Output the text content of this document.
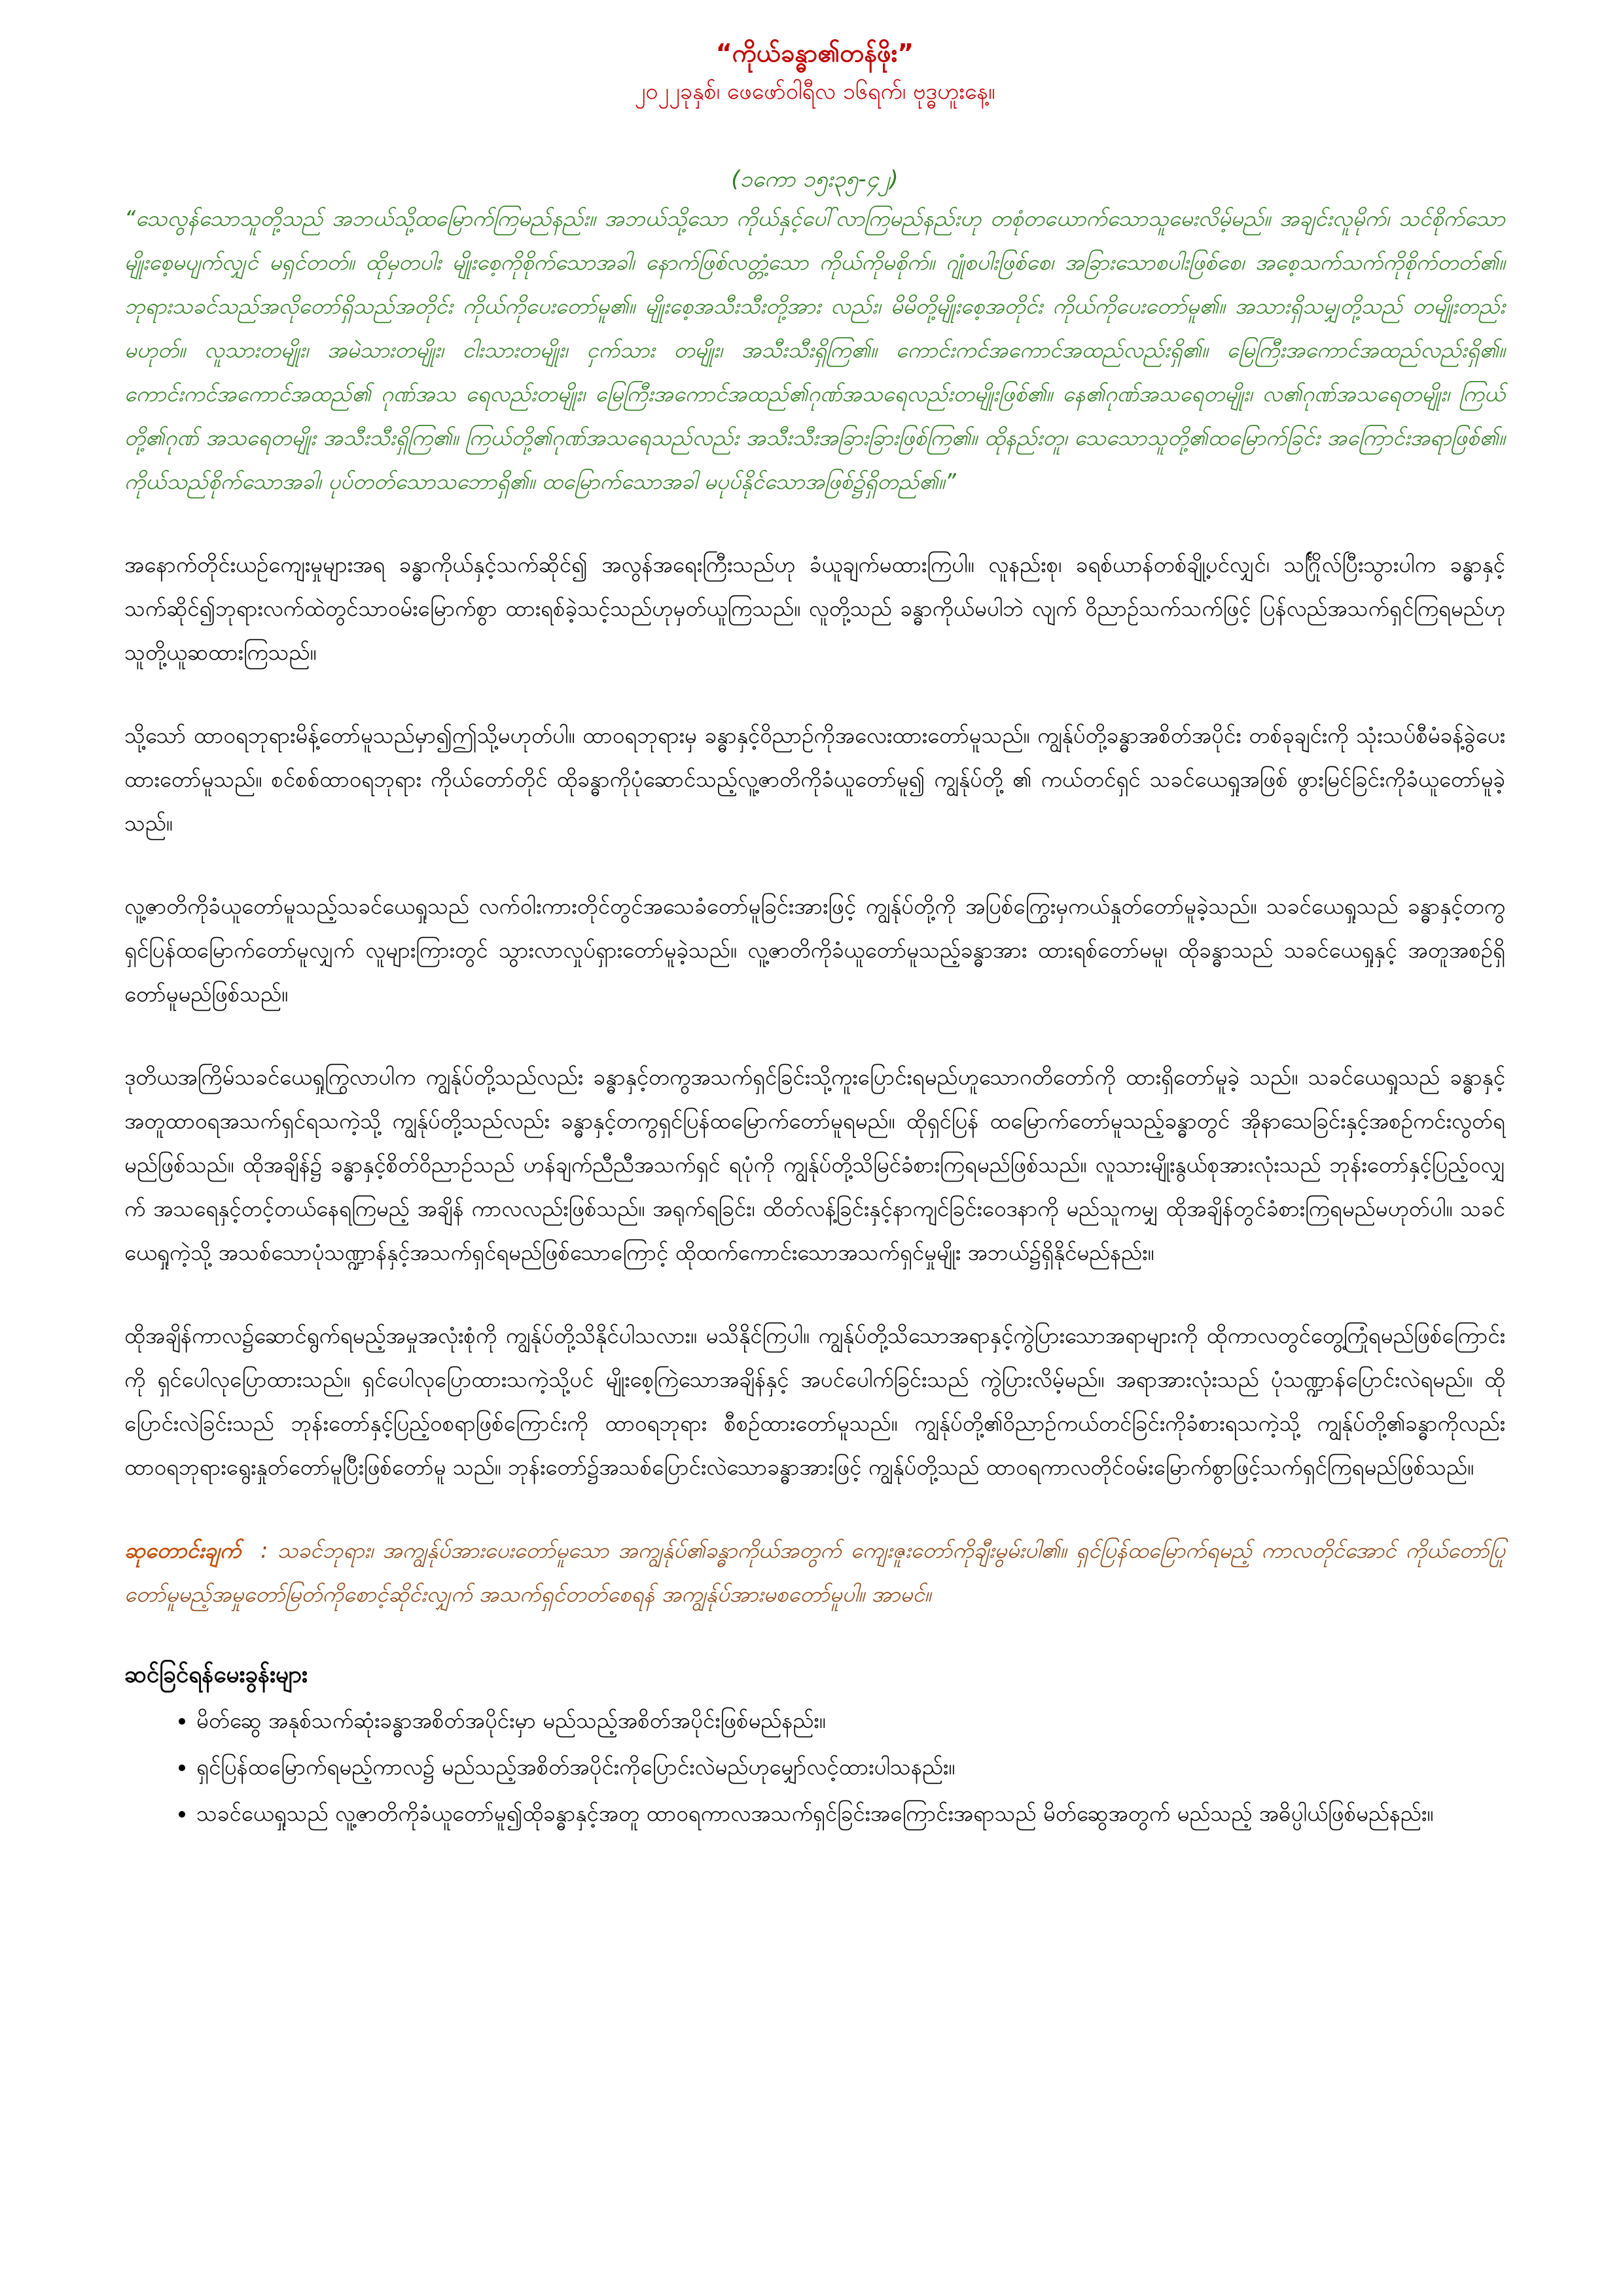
“ကိုယ်ခန္ဓာ၏တန်ဖိုး”

၂၀၂၂ခုနှစ်၊ ဖေဖော်ဝါရီလ ၁၆ရက်၊ ဗုဒ္ဓဟူးနေ့။

(၁ကော ၁၅း၃၅-၄၂)

“သေလွန်သောသူတို့သည် အဘယ်သို့ထမြောက်ကြမည်နည်း။ အဘယ်သို့သော ကိုယ်နှင့်ပေါ်လာကြမည်နည်းဟု တစုံတယောက်သောသူမေးလိမ့်မည်။ အချင်းလူမိုက်၊ သင်စိုက်သောမျိုးစေ့မပျက်လျှင် မရှင်တတ်။ ထိုမှတပါး မျိုးစေ့ကိုစိုက်သောအခါ၊ နောက်ဖြစ်လတ္တံ့သော ကိုယ်ကိုမစိုက်။ ဂျုံစပါးဖြစ်စေ၊ အခြားသောစပါးဖြစ်စေ၊ အစေ့သက်သက်ကိုစိုက်တတ်၏။ ဘုရားသခင်သည်အလိုတော်ရှိသည်အတိုင်း ကိုယ်ကိုပေးတော်မူ၏။ မျိုးစေ့အသီးသီးတို့အား လည်း၊ မိမိတို့မျိုးစေ့အတိုင်း ကိုယ်ကိုပေးတော်မူ၏။ အသားရှိသမျှတို့သည် တမျိုးတည်းမဟုတ်။ လူသားတမျိုး၊ အမဲသားတမျိုး၊ ငါးသားတမျိုး၊ ငှက်သား တမျိုး၊ အသီးသီးရှိကြ၏။ ကောင်းကင်အကောင်အထည်လည်းရှိ၏။ မြေကြီးအကောင်အထည်လည်းရှိ၏။ ကောင်းကင်အကောင်အထည်၏ ဂုဏ်အသ ရေလည်းတမျိုး၊ မြေကြီးအကောင်အထည်၏ဂုဏ်အသရေလည်းတမျိုးဖြစ်၏။ နေ၏ဂုဏ်အသရေတမျိုး၊ လ၏ဂုဏ်အသရေတမျိုး၊ ကြယ်တို့၏ဂုဏ် အသရေတမျိုး အသီးသီးရှိကြ၏။ ကြယ်တို့၏ဂုဏ်အသရေသည်လည်း အသီးသီးအခြားခြားဖြစ်ကြ၏။ ထိုနည်းတူ၊ သေသောသူတို့၏ထမြောက်ခြင်း အကြောင်းအရာဖြစ်၏။ ကိုယ်သည်စိုက်သောအခါ၊ ပုပ်တတ်သောသဘောရှိ၏။ ထမြောက်သောအခါ မပုပ်နိုင်သောအဖြစ်၌ရှိတည်၏။”

အနောက်တိုင်းယဉ်ကျေးမှုများအရ ခန္ဓာကိုယ်နှင့်သက်ဆိုင်၍ အလွန်အရေးကြီးသည်ဟု ခံယူချက်မထားကြပါ။ လူနည်းစု၊ ခရစ်ယာန်တစ်ချို့ပင်လျှင်၊ သင်္ဂြိုလ်ပြီးသွားပါက ခန္ဓာနှင့်သက်ဆိုင်၍ဘုရားလက်ထဲတွင်သာဝမ်းမြောက်စွာ ထားရစ်ခဲ့သင့်သည်ဟုမှတ်ယူကြသည်။ လူတို့သည် ခန္ဓာကိုယ်မပါဘဲ လျက် ဝိညာဉ်သက်သက်ဖြင့် ပြန်လည်အသက်ရှင်ကြရမည်ဟု သူတို့ယူဆထားကြသည်။

သို့သော် ထာဝရဘုရားမိန့်တော်မူသည်မှာ၍ဤသို့မဟုတ်ပါ။ ထာဝရဘုရားမှ ခန္ဓာနှင့်ဝိညာဉ်ကိုအလေးထားတော်မူသည်။ ကျွန်ုပ်တို့ခန္ဓာအစိတ်အပိုင်း တစ်ခုချင်းကို သုံးသပ်စီမံခန့်ခွဲပေးထားတော်မူသည်။ စင်စစ်ထာဝရဘုရား ကိုယ်တော်တိုင် ထိုခန္ဓာကိုပုံဆောင်သည့်လူ့ဇာတိကိုခံယူတော်မူ၍ ကျွန်ုပ်တို့ ၏ ကယ်တင်ရှင် သခင်ယေရှုအဖြစ် ဖွားမြင်ခြင်းကိုခံယူတော်မူခဲ့သည်။

လူ့ဇာတိကိုခံယူတော်မူသည့်သခင်ယေရှုသည် လက်ဝါးကားတိုင်တွင်အသေခံတော်မူခြင်းအားဖြင့် ကျွန်ုပ်တို့ကို အပြစ်ကြွေးမှကယ်နှုတ်တော်မူခဲ့သည်။ သခင်ယေရှုသည် ခန္ဓာနှင့်တကွရှင်ပြန်ထမြောက်တော်မူလျှက် လူများကြားတွင် သွားလာလှုပ်ရှားတော်မူခဲ့သည်။ လူ့ဇာတိကိုခံယူတော်မူသည့်ခန္ဓာအား ထားရစ်တော်မမူ၊ ထိုခန္ဓာသည် သခင်ယေရှုနှင့် အတူအစဉ်ရှိတော်မူမည်ဖြစ်သည်။

ဒုတိယအကြိမ်သခင်ယေရှုကြွလာပါက ကျွန်ုပ်တို့သည်လည်း ခန္ဓာနှင့်တကွအသက်ရှင်ခြင်းသို့ကူးပြောင်းရမည်ဟူသောဂတိတော်ကို ထားရှိတော်မူခဲ့ သည်။ သခင်ယေရှုသည် ခန္ဓာနှင့်အတူထာဝရအသက်ရှင်ရသကဲ့သို့ ကျွန်ုပ်တို့သည်လည်း ခန္ဓာနှင့်တကွရှင်ပြန်ထမြောက်တော်မူရမည်။ ထိုရှင်ပြန် ထမြောက်တော်မူသည့်ခန္ဓာတွင် အိုနာသေခြင်းနှင့်အစဉ်ကင်းလွတ်ရမည်ဖြစ်သည်။ ထိုအချိန်၌ ခန္ဓာနှင့်စိတ်ဝိညာဉ်သည် ဟန်ချက်ညီညီအသက်ရှင် ရပုံကို ကျွန်ုပ်တို့သိမြင်ခံစားကြရမည်ဖြစ်သည်။ လူသားမျိုးနွယ်စုအားလုံးသည် ဘုန်းတော်နှင့်ပြည့်ဝလျှက် အသရေနှင့်တင့်တယ်နေရကြမည့် အချိန် ကာလလည်းဖြစ်သည်။ အရုက်ရခြင်း၊ ထိတ်လန့်ခြင်းနှင့်နာကျင်ခြင်းဝေဒနာကို မည်သူကမျှ ထိုအချိန်တွင်ခံစားကြရမည်မဟုတ်ပါ။ သခင်ယေရှုကဲ့သို့ အသစ်သောပုံသဏ္ဍာန်နှင့်အသက်ရှင်ရမည်ဖြစ်သောကြောင့် ထိုထက်ကောင်းသောအသက်ရှင်မှုမျိုး အဘယ်၌ရှိနိုင်မည်နည်း။

ထိုအချိန်ကာလ၌ဆောင်ရွက်ရမည့်အမှုအလုံးစုံကို ကျွန်ုပ်တို့သိနိုင်ပါသလား။ မသိနိုင်ကြပါ။ ကျွန်ုပ်တို့သိသောအရာနှင့်ကွဲပြားသောအရာများကို ထိုကာလတွင်တွေ့ကြုံရမည်ဖြစ်ကြောင်းကို ရှင်ပေါလုပြောထားသည်။ ရှင်ပေါလုပြောထားသကဲ့သို့ပင် မျိုးစေ့ကြဲသောအချိန်နှင့် အပင်ပေါက်ခြင်းသည် ကွဲပြားလိမ့်မည်။ အရာအားလုံးသည် ပုံသဏ္ဍာန်ပြောင်းလဲရမည်။ ထိုပြောင်းလဲခြင်းသည် ဘုန်းတော်နှင့်ပြည့်ဝစရာဖြစ်ကြောင်းကို ထာဝရဘုရား စီစဉ်ထားတော်မူသည်။ ကျွန်ုပ်တို့၏ဝိညာဉ်ကယ်တင်ခြင်းကိုခံစားရသကဲ့သို့ ကျွန်ုပ်တို့၏ခန္ဓာကိုလည်း ထာဝရဘုရားရွေးနှုတ်တော်မူပြီးဖြစ်တော်မူ သည်။ ဘုန်းတော်၌အသစ်ပြောင်းလဲသောခန္ဓာအားဖြင့် ကျွန်ုပ်တို့သည် ထာဝရကာလတိုင်ဝမ်းမြောက်စွာဖြင့်သက်ရှင်ကြရမည်ဖြစ်သည်။

ဆုတောင်းချက် : သခင်ဘုရား၊ အကျွန်ုပ်အားပေးတော်မူသော အကျွန်ုပ်၏ခန္ဓာကိုယ်အတွက် ကျေးဇူးတော်ကိုချီးမွမ်းပါ၏။ ရှင်ပြန်ထမြောက်ရမည့် ကာလတိုင်အောင် ကိုယ်တော်ပြုတော်မူမည့်အမှုတော်မြတ်ကိုစောင့်ဆိုင်းလျှက် အသက်ရှင်တတ်စေရန် အကျွန်ုပ်အားမစတော်မူပါ။ အာမင်။

ဆင်ခြင်ရန်မေးခွန်းများ
• မိတ်ဆွေ အနုစ်သက်ဆုံးခန္ဓာအစိတ်အပိုင်းမှာ မည်သည့်အစိတ်အပိုင်းဖြစ်မည်နည်း။
• ရှင်ပြန်ထမြောက်ရမည့်ကာလ၌ မည်သည့်အစိတ်အပိုင်းကိုပြောင်းလဲမည်ဟုမျှော်လင့်ထားပါသနည်း။
• သခင်ယေရှုသည် လူ့ဇာတိကိုခံယူတော်မူ၍ထိုခန္ဓာနှင့်အတူ ထာဝရကာလအသက်ရှင်ခြင်းအကြောင်းအရာသည် မိတ်ဆွေအတွက် မည်သည့် အဓိပ္ပါယ်ဖြစ်မည်နည်း။
